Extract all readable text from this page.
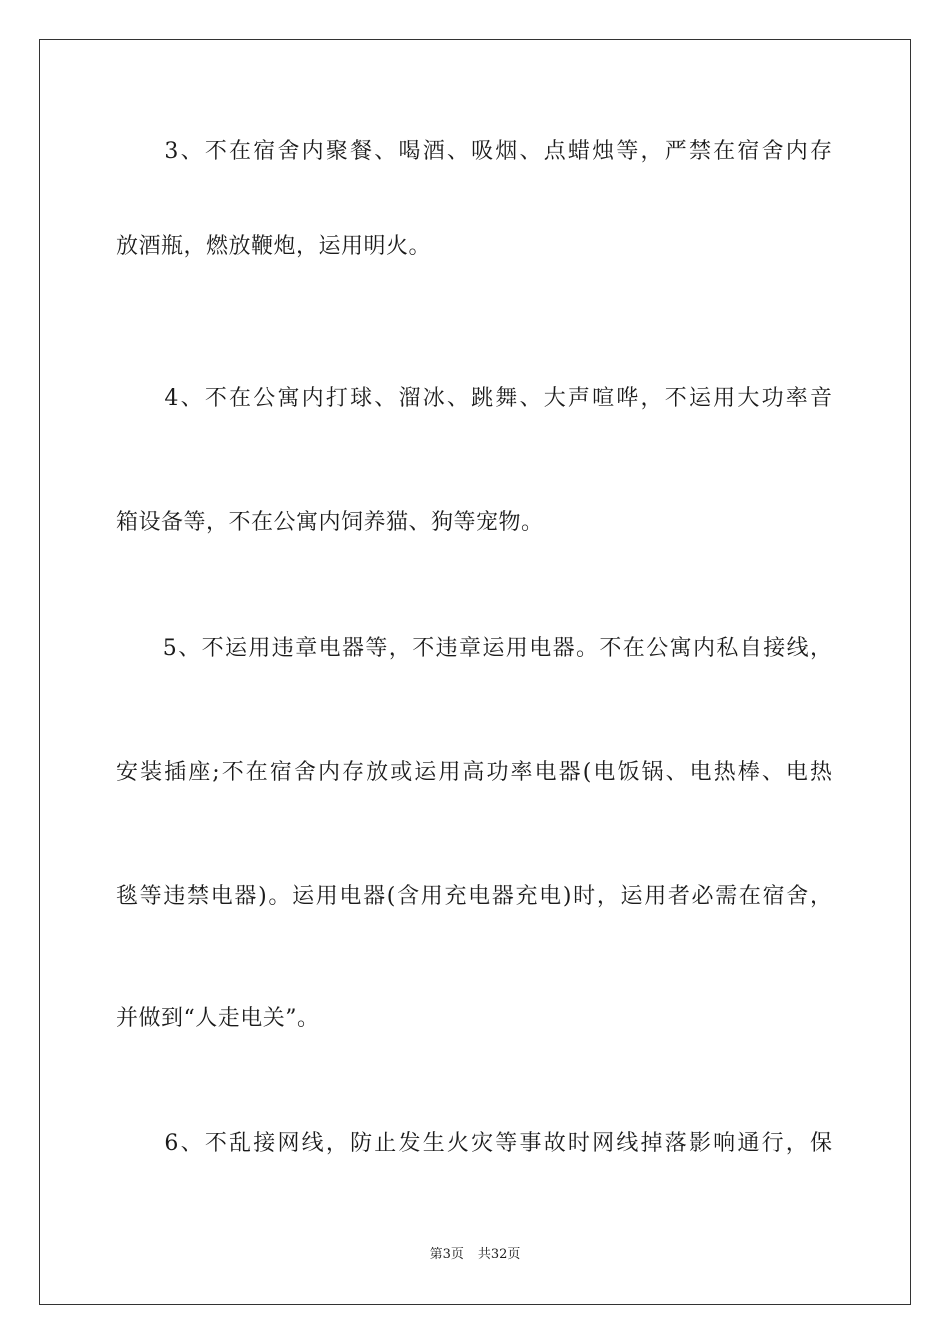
　　3、不在宿舍内聚餐、喝酒、吸烟、点蜡烛等，严禁在宿舍内存
放酒瓶，燃放鞭炮，运用明火。
　　4、不在公寓内打球、溜冰、跳舞、大声喧哗，不运用大功率音
箱设备等，不在公寓内饲养猫、狗等宠物。
　　5、不运用违章电器等，不违章运用电器。不在公寓内私自接线，
安装插座;不在宿舍内存放或运用高功率电器(电饭锅、电热棒、电热
毯等违禁电器)。运用电器(含用充电器充电)时，运用者必需在宿舍，
并做到“人走电关”。
　　6、不乱接网线，防止发生火灾等事故时网线掉落影响通行，保
第3页 共32页
